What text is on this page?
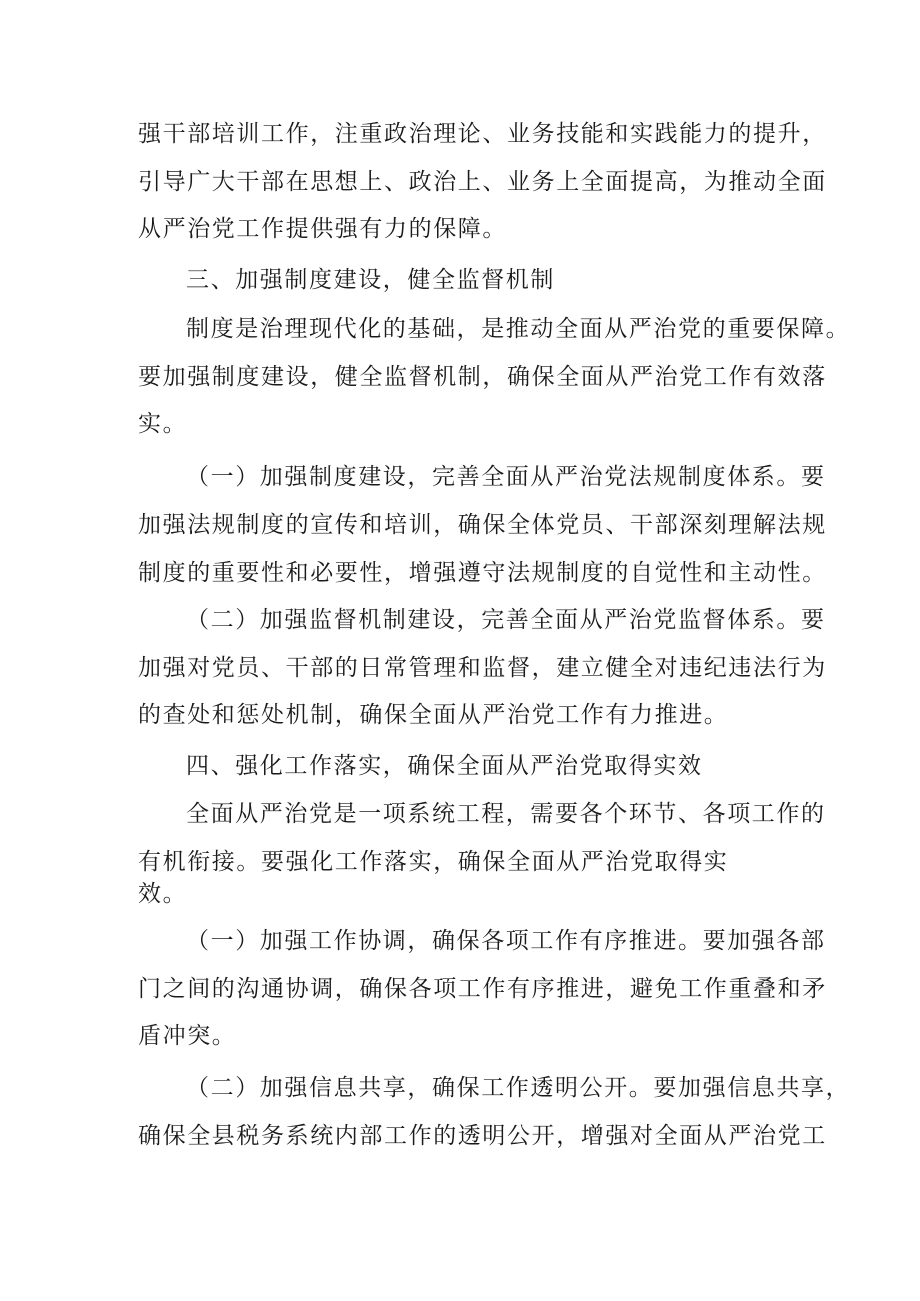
强干部培训工作，注重政治理论、业务技能和实践能力的提升，
引导广大干部在思想上、政治上、业务上全面提高，为推动全面
从严治党工作提供强有力的保障。
三、加强制度建设，健全监督机制
制度是治理现代化的基础，是推动全面从严治党的重要保障。
要加强制度建设，健全监督机制，确保全面从严治党工作有效落
实。
（一）加强制度建设，完善全面从严治党法规制度体系。要
加强法规制度的宣传和培训，确保全体党员、干部深刻理解法规
制度的重要性和必要性，增强遵守法规制度的自觉性和主动性。
（二）加强监督机制建设，完善全面从严治党监督体系。要
加强对党员、干部的日常管理和监督，建立健全对违纪违法行为
的查处和惩处机制，确保全面从严治党工作有力推进。
四、强化工作落实，确保全面从严治党取得实效
全面从严治党是一项系统工程，需要各个环节、各项工作的
有机衔接。要强化工作落实，确保全面从严治党取得实
效。
（一）加强工作协调，确保各项工作有序推进。要加强各部
门之间的沟通协调，确保各项工作有序推进，避免工作重叠和矛
盾冲突。
（二）加强信息共享，确保工作透明公开。要加强信息共享，
确保全县税务系统内部工作的透明公开，增强对全面从严治党工
